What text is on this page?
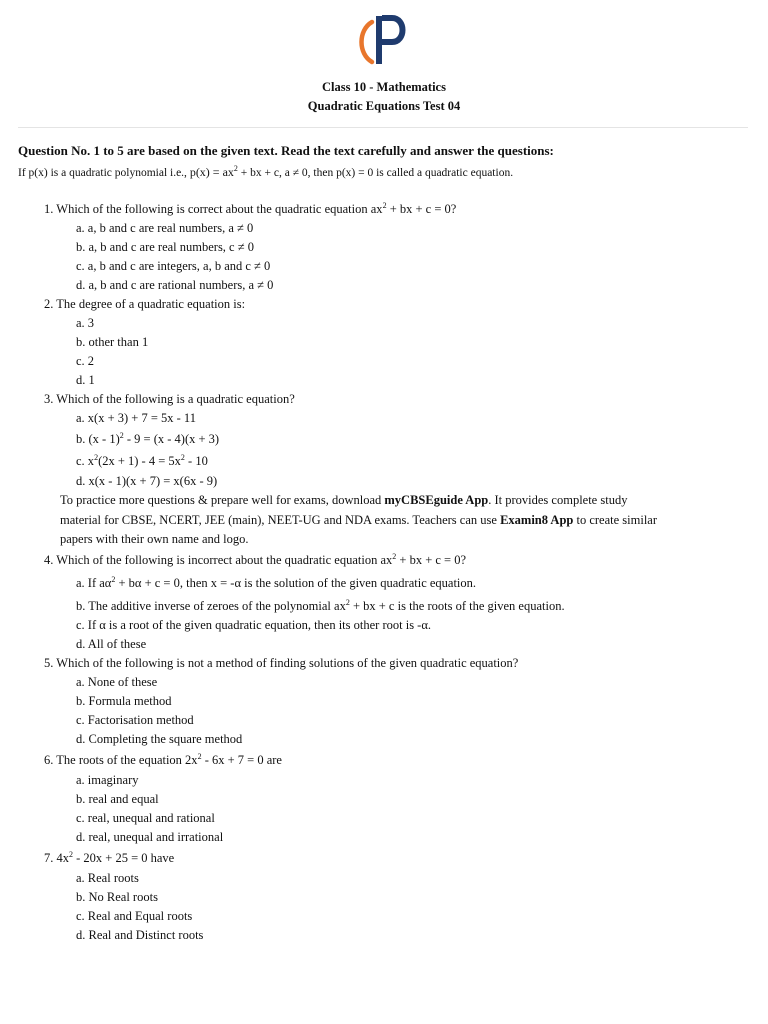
Class 10 - Mathematics
Quadratic Equations Test 04
Question No. 1 to 5 are based on the given text. Read the text carefully and answer the questions:
If p(x) is a quadratic polynomial i.e., $p(x) = ax^2$ + bx + c, a ≠ 0, then p(x) = 0 is called a quadratic equation.
1. Which of the following is correct about the quadratic equation $ax^2$ + bx + c = 0?
a. a, b and c are real numbers, a ≠ 0
b. a, b and c are real numbers, c ≠ 0
c. a, b and c are integers, a, b and c ≠ 0
d. a, b and c are rational numbers, a ≠ 0
2. The degree of a quadratic equation is:
a. 3
b. other than 1
c. 2
d. 1
3. Which of the following is a quadratic equation?
a. x(x + 3) + 7 = 5x - 11
b. (x - 1)$^2$ - 9 = (x - 4)(x + 3)
c. $x^2(2x + 1) - 4 = 5x^2 - 10$
d. x(x - 1)(x + 7) = x(6x - 9)
To practice more questions & prepare well for exams, download myCBSEguide App. It provides complete study
material for CBSE, NCERT, JEE (main), NEET-UG and NDA exams. Teachers can use Examin8 App to create similar
papers with their own name and logo.
4. Which of the following is incorrect about the quadratic equation $ax^2$ + bx + c = 0?
a. If $a\alpha^2 + b\alpha + c = 0$, then x = -α is the solution of the given quadratic equation.
b. The additive inverse of zeroes of the polynomial $ax^2$ + bx + c is the roots of the given equation.
c. If α is a root of the given quadratic equation, then its other root is -α.
d. All of these
5. Which of the following is not a method of finding solutions of the given quadratic equation?
a. None of these
b. Formula method
c. Factorisation method
d. Completing the square method
6. The roots of the equation $2x^2 - 6x + 7 = 0$ are
a. imaginary
b. real and equal
c. real, unequal and rational
d. real, unequal and irrational
7. $4x^2 - 20x + 25 = 0$ have
a. Real roots
b. No Real roots
c. Real and Equal roots
d. Real and Distinct roots
